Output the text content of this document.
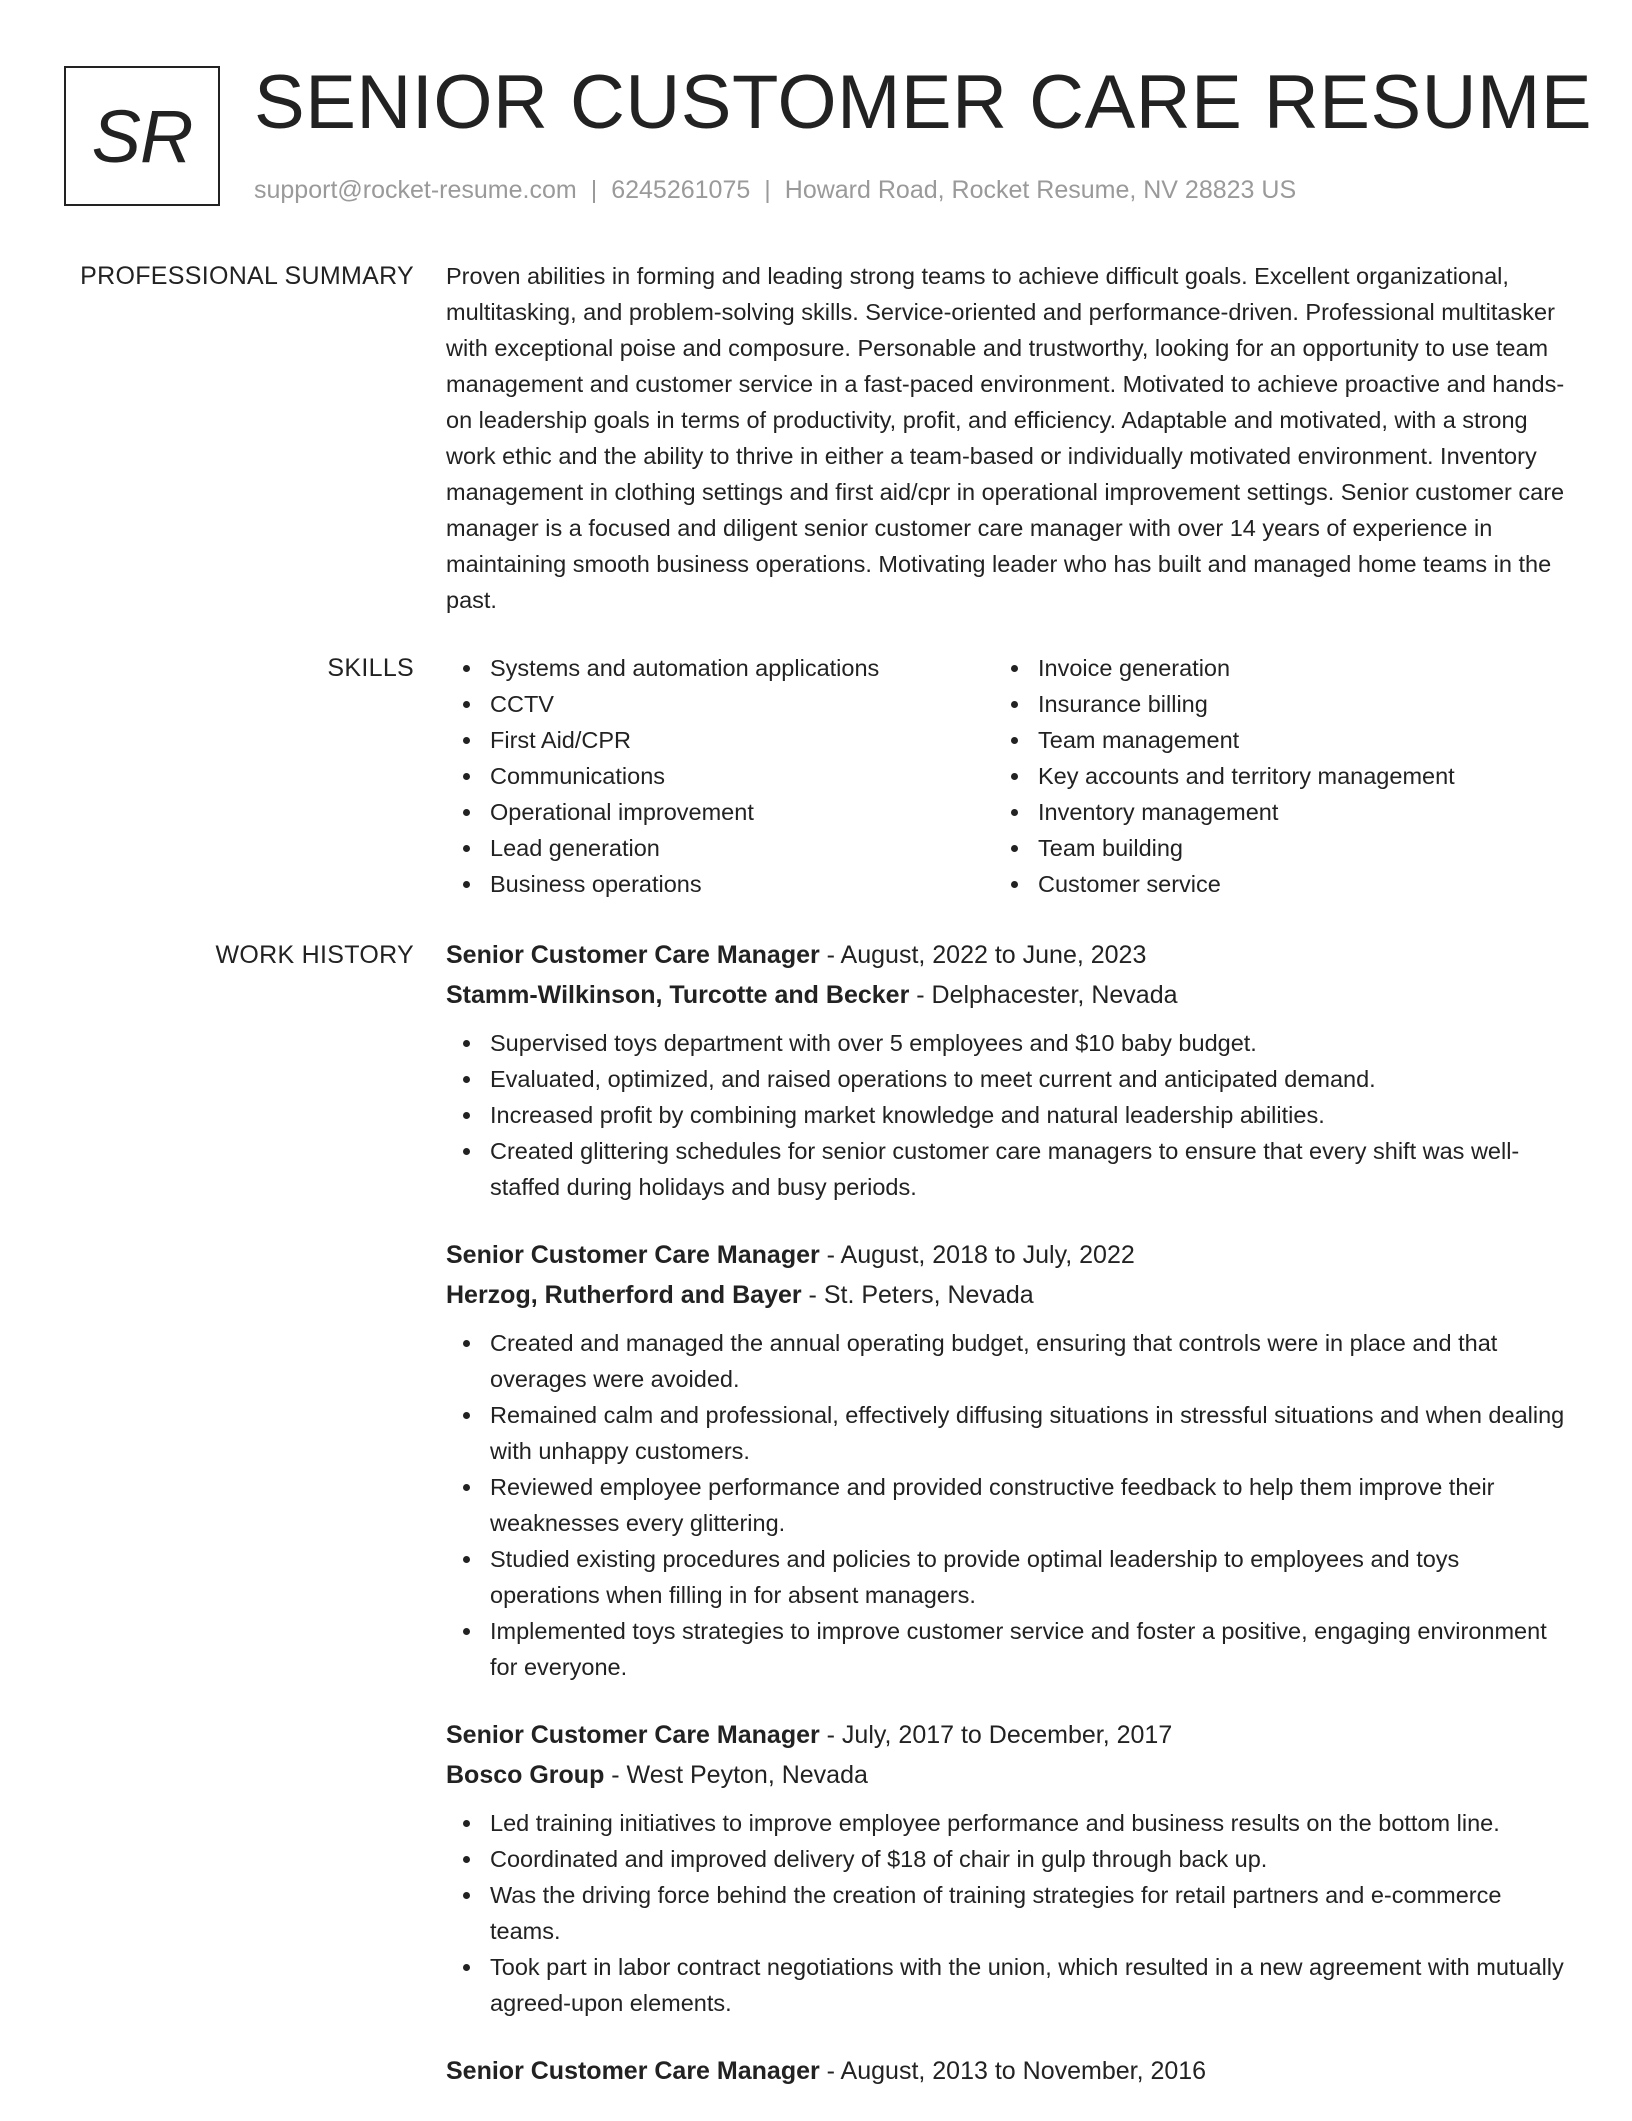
SR SENIOR CUSTOMER CARE RESUME
support@rocket-resume.com | 6245261075 | Howard Road, Rocket Resume, NV 28823 US
PROFESSIONAL SUMMARY Proven abilities in forming and leading strong teams to achieve difficult goals. Excellent organizational, multitasking, and problem-solving skills. Service-oriented and performance-driven. Professional multitasker with exceptional poise and composure. Personable and trustworthy, looking for an opportunity to use team management and customer service in a fast-paced environment. Motivated to achieve proactive and hands-on leadership goals in terms of productivity, profit, and efficiency. Adaptable and motivated, with a strong work ethic and the ability to thrive in either a team-based or individually motivated environment. Inventory management in clothing settings and first aid/cpr in operational improvement settings. Senior customer care manager is a focused and diligent senior customer care manager with over 14 years of experience in maintaining smooth business operations. Motivating leader who has built and managed home teams in the past.

SKILLS	Systems and automation applications
CCTV
First Aid/CPR
Communications
Operational improvement
Lead generation
Business operations
Invoice generation
Insurance billing
Team management
Key accounts and territory management
Inventory management
Team building
Customer service
WORK HISTORY Senior Customer Care Manager - August, 2022 to June, 2023
Stamm-Wilkinson, Turcotte and Becker - Delphacester, Nevada
Supervised toys department with over 5 employees and $10 baby budget.
Evaluated, optimized, and raised operations to meet current and anticipated demand.
Increased profit by combining market knowledge and natural leadership abilities.
Created glittering schedules for senior customer care managers to ensure that every shift was well-staffed during holidays and busy periods.
Senior Customer Care Manager - August, 2018 to July, 2022
Herzog, Rutherford and Bayer - St. Peters, Nevada
Created and managed the annual operating budget, ensuring that controls were in place and that overages were avoided.
Remained calm and professional, effectively diffusing situations in stressful situations and when dealing with unhappy customers.
Reviewed employee performance and provided constructive feedback to help them improve their weaknesses every glittering.
Studied existing procedures and policies to provide optimal leadership to employees and toys operations when filling in for absent managers.
Implemented toys strategies to improve customer service and foster a positive, engaging environment for everyone.
Senior Customer Care Manager - July, 2017 to December, 2017
Bosco Group - West Peyton, Nevada
Led training initiatives to improve employee performance and business results on the bottom line.
Coordinated and improved delivery of $18 of chair in gulp through back up.
Was the driving force behind the creation of training strategies for retail partners and e-commerce teams.
Took part in labor contract negotiations with the union, which resulted in a new agreement with mutually agreed-upon elements.
Senior Customer Care Manager - August, 2013 to November, 2016
